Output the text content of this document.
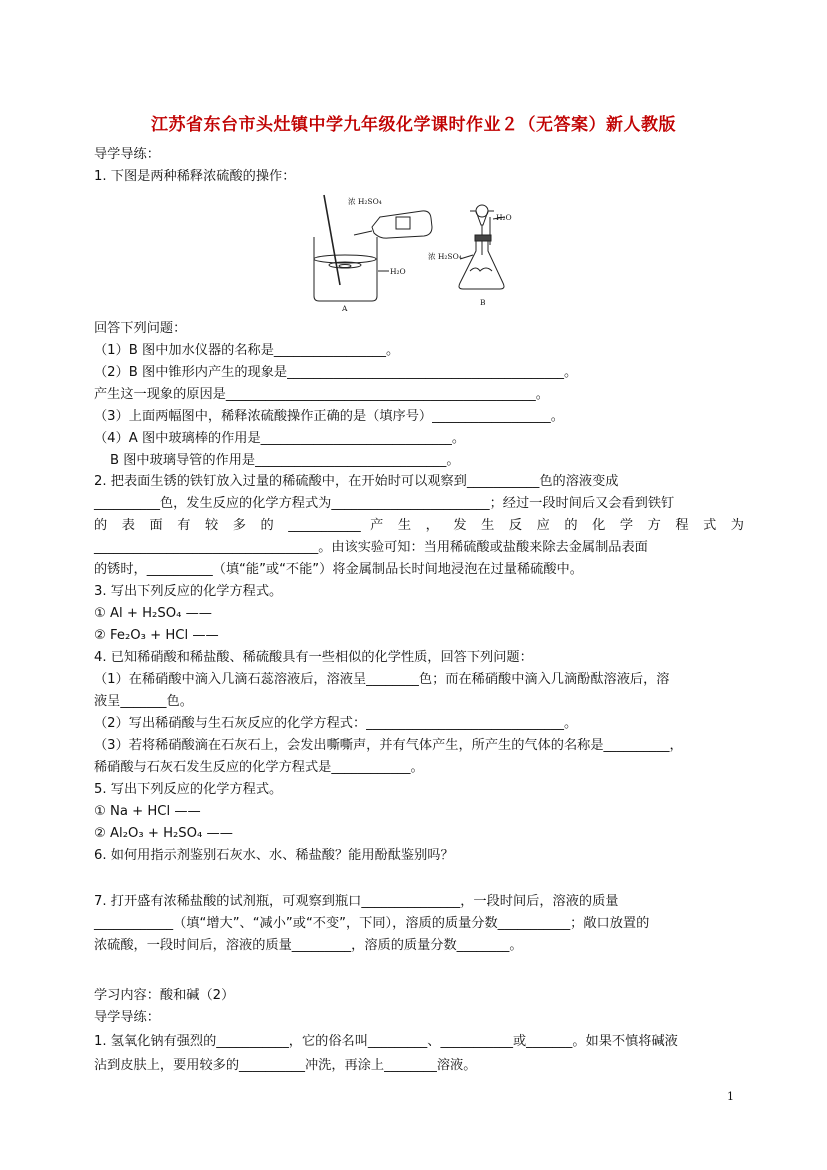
江苏省东台市头灶镇中学九年级化学课时作业２（无答案）新人教版
导学导练：
1. 下图是两种稀释浓硫酸的操作：
浓 H₂SO₄
H₂O
H₂O
浓 H₂SO₄
A
B
回答下列问题：
（1）B 图中加水仪器的名称是_________________。
（2）B 图中锥形内产生的现象是__________________________________________。
产生这一现象的原因是_______________________________________________。
（3）上面两幅图中，稀释浓硫酸操作正确的是（填序号）__________________。
（4）A 图中玻璃棒的作用是_____________________________。
B 图中玻璃导管的作用是_____________________________。
2. 把表面生锈的铁钉放入过量的稀硫酸中，在开始时可以观察到___________色的溶液变成
__________色，发生反应的化学方程式为________________________；经过一段时间后又会看到铁钉
的 表 面 有 较 多 的 ___________ 产 生 ， 发 生 反 应 的 化 学 方 程 式 为
__________________________________。由该实验可知：当用稀硫酸或盐酸来除去金属制品表面
的锈时，__________（填“能”或“不能”）将金属制品长时间地浸泡在过量稀硫酸中。
3. 写出下列反应的化学方程式。
① Al + H₂SO₄ ——
② Fe₂O₃ + HCl ——
4. 已知稀硝酸和稀盐酸、稀硫酸具有一些相似的化学性质，回答下列问题：
（1）在稀硝酸中滴入几滴石蕊溶液后，溶液呈________色；而在稀硝酸中滴入几滴酚酞溶液后，溶
液呈_______色。
（2）写出稀硝酸与生石灰反应的化学方程式：______________________________。
（3）若将稀硝酸滴在石灰石上，会发出嘶嘶声，并有气体产生，所产生的气体的名称是__________，
稀硝酸与石灰石发生反应的化学方程式是____________。
5. 写出下列反应的化学方程式。
① Na + HCl ——
② Al₂O₃ + H₂SO₄ ——
6. 如何用指示剂鉴别石灰水、水、稀盐酸？能用酚酞鉴别吗？
7. 打开盛有浓稀盐酸的试剂瓶，可观察到瓶口_______________，一段时间后，溶液的质量
____________（填“增大”、“减小”或“不变”，下同），溶质的质量分数___________；敞口放置的
浓硫酸，一段时间后，溶液的质量_________，溶质的质量分数________。
学习内容：酸和碱（2）
导学导练：
1. 氢氧化钠有强烈的___________，它的俗名叫_________、___________或_______。如果不慎将碱液
沾到皮肤上，要用较多的__________冲洗，再涂上________溶液。
1
